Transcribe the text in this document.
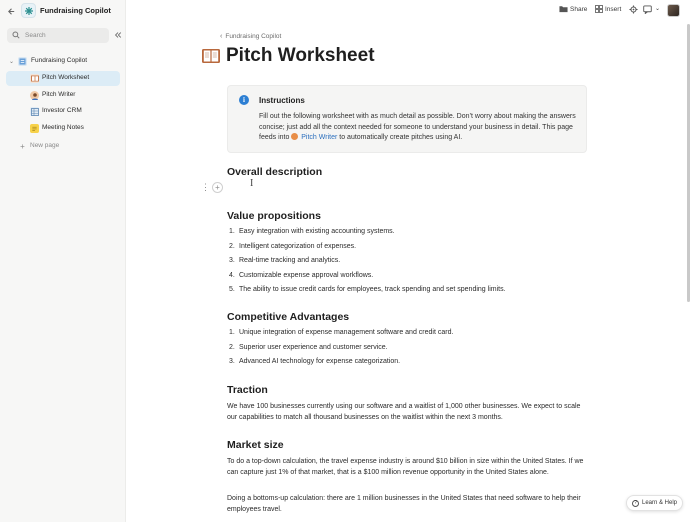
Fundraising Copilot
Search
⌄	Fundraising Copilot
Pitch Worksheet
Pitch Writer
Investor CRM
Meeting Notes
+ New page
Share	Insert	⌄
‹ Fundraising Copilot
Pitch Worksheet
i	Instructions
Fill out the following worksheet with as much detail as possible. Don’t worry about making the answers concise; just add all the context needed for someone to understand your business in detail. This page feeds into Pitch Writer to automatically create pitches using AI.
Overall description
⋮ +	I
Value propositions
1. Easy integration with existing accounting systems.
2. Intelligent categorization of expenses.
3. Real-time tracking and analytics.
4. Customizable expense approval workflows.
5. The ability to issue credit cards for employees, track spending and set spending limits.
Competitive Advantages
1. Unique integration of expense management software and credit card.
2. Superior user experience and customer service.
3. Advanced AI technology for expense categorization.
Traction
We have 100 businesses currently using our software and a waitlist of 1,000 other businesses. We expect to scale our capabilities to match all thousand businesses on the waitlist within the next 3 months.
Market size
To do a top-down calculation, the travel expense industry is around $10 billion in size within the United States. If we can capture just 1% of that market, that is a $100 million revenue opportunity in the United States alone.
Doing a bottoms-up calculation: there are 1 million businesses in the United States that need software to help their employees travel.
? Learn & Help
